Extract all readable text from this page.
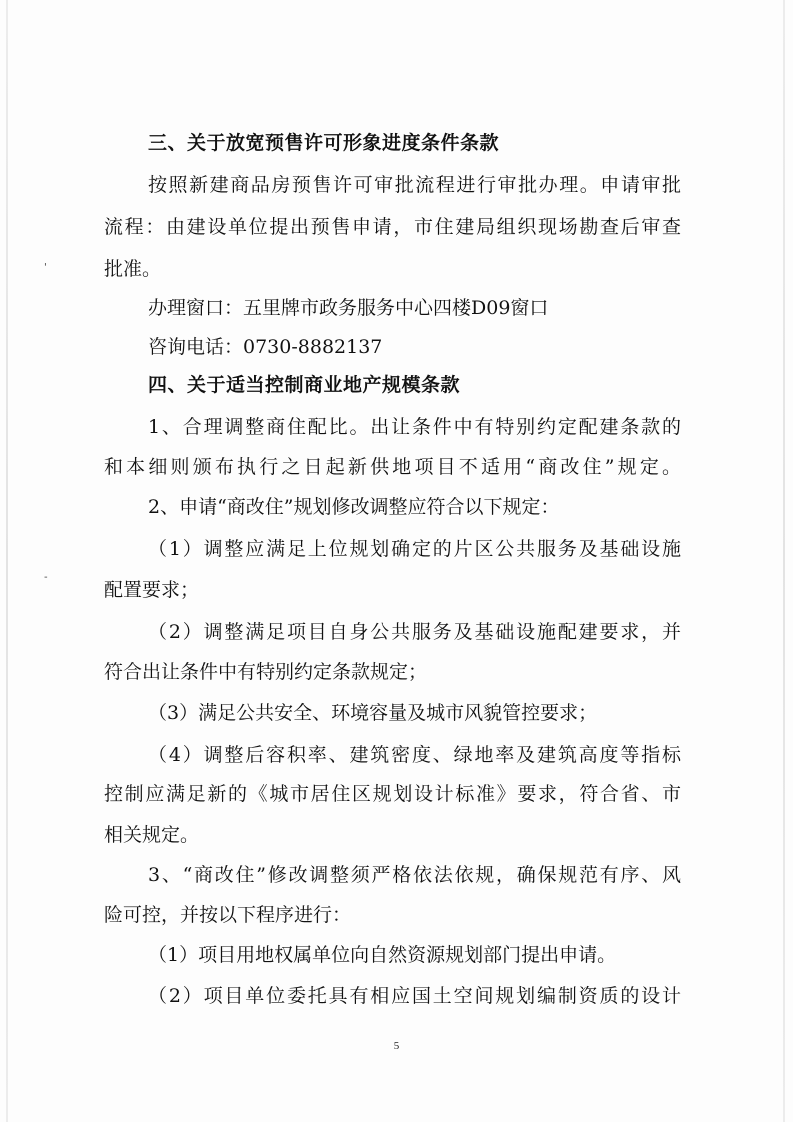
'
-
三、关于放宽预售许可形象进度条件条款
按照新建商品房预售许可审批流程进行审批办理。申请审批
流程：由建设单位提出预售申请，市住建局组织现场勘查后审查
批准。
办理窗口：五里牌市政务服务中心四楼D09窗口
咨询电话：0730-8882137
四、关于适当控制商业地产规模条款
1、合理调整商住配比。出让条件中有特别约定配建条款的
和本细则颁布执行之日起新供地项目不适用“商改住”规定。
2、申请“商改住”规划修改调整应符合以下规定：
（1）调整应满足上位规划确定的片区公共服务及基础设施
配置要求；
（2）调整满足项目自身公共服务及基础设施配建要求，并
符合出让条件中有特别约定条款规定；
（3）满足公共安全、环境容量及城市风貌管控要求；
（4）调整后容积率、建筑密度、绿地率及建筑高度等指标
控制应满足新的《城市居住区规划设计标准》要求，符合省、市
相关规定。
3、“商改住”修改调整须严格依法依规，确保规范有序、风
险可控，并按以下程序进行：
（1）项目用地权属单位向自然资源规划部门提出申请。
（2）项目单位委托具有相应国土空间规划编制资质的设计
5
